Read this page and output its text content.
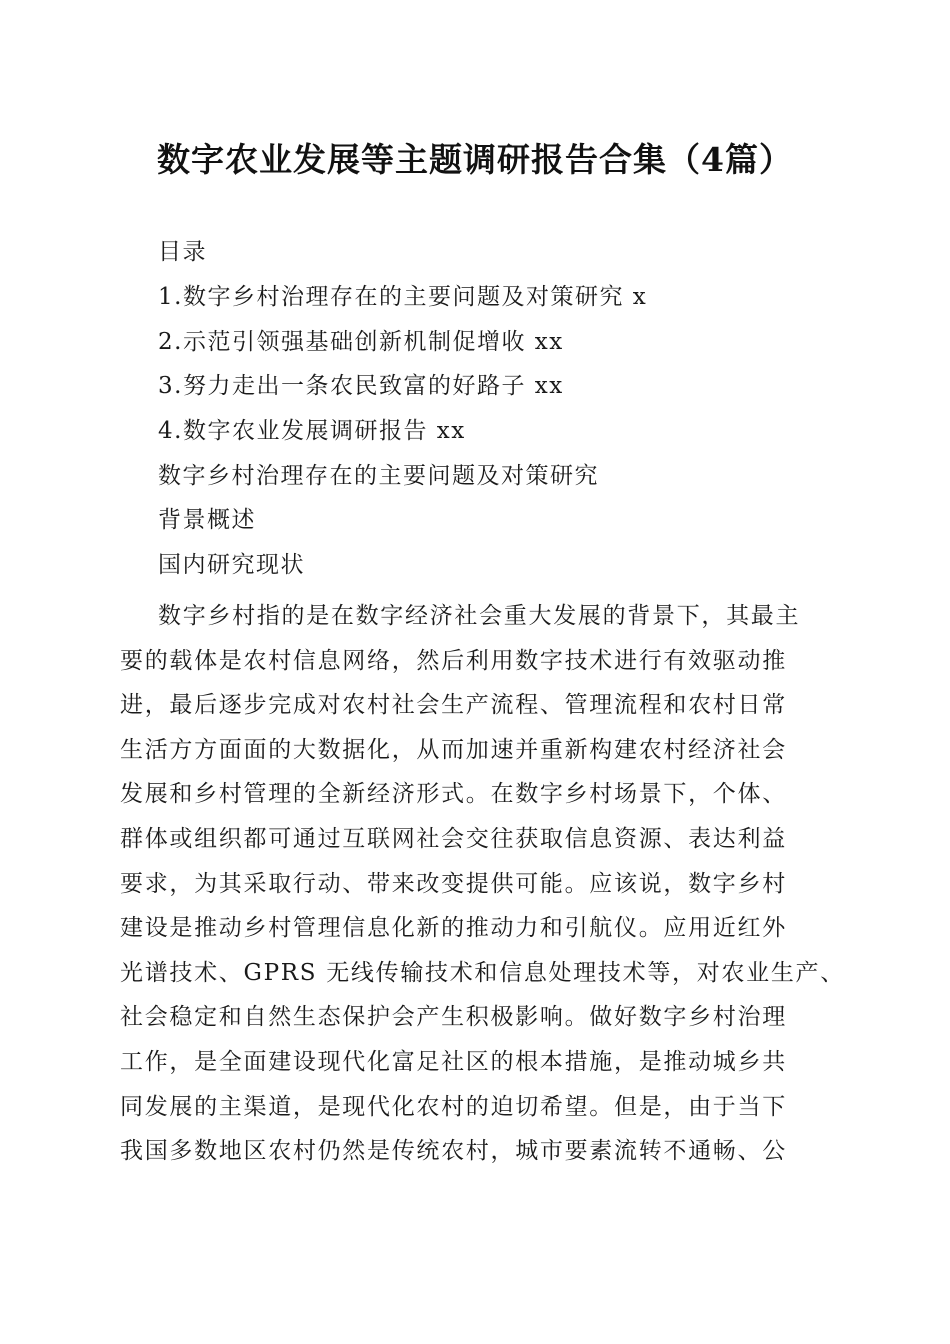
数字农业发展等主题调研报告合集（4篇）
目录
1.数字乡村治理存在的主要问题及对策研究 x
2.示范引领强基础创新机制促增收 xx
3.努力走出一条农民致富的好路子 xx
4.数字农业发展调研报告 xx
数字乡村治理存在的主要问题及对策研究
背景概述
国内研究现状
数字乡村指的是在数字经济社会重大发展的背景下，其最主
要的载体是农村信息网络，然后利用数字技术进行有效驱动推
进，最后逐步完成对农村社会生产流程、管理流程和农村日常
生活方方面面的大数据化，从而加速并重新构建农村经济社会
发展和乡村管理的全新经济形式。在数字乡村场景下，个体、
群体或组织都可通过互联网社会交往获取信息资源、表达利益
要求，为其采取行动、带来改变提供可能。应该说，数字乡村
建设是推动乡村管理信息化新的推动力和引航仪。应用近红外
光谱技术、GPRS 无线传输技术和信息处理技术等，对农业生产、
社会稳定和自然生态保护会产生积极影响。做好数字乡村治理
工作，是全面建设现代化富足社区的根本措施，是推动城乡共
同发展的主渠道，是现代化农村的迫切希望。但是，由于当下
我国多数地区农村仍然是传统农村，城市要素流转不通畅、公
